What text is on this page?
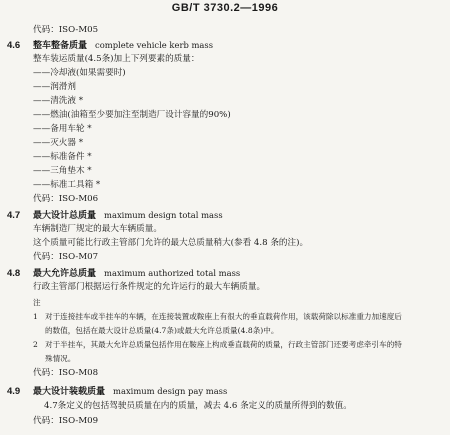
GB/T 3730.2—1996
代码：ISO-M05
4.6 整车整备质量 complete vehicle kerb mass
整车装运质量(4.5条)加上下列要素的质量：
——冷却液(如果需要时)
——润滑剂
——清洗液 *
——燃油(油箱至少要加注至制造厂设计容量的90%)
——备用车轮 *
——灭火器 *
——标准备件 *
——三角垫木 *
——标准工具箱 *
代码：ISO-M06
4.7 最大设计总质量 maximum design total mass
车辆制造厂规定的最大车辆质量。
这个质量可能比行政主管部门允许的最大总质量稍大(参看 4.8 条的注)。
代码：ISO-M07
4.8 最大允许总质量 maximum authorized total mass
行政主管部门根据运行条件规定的允许运行的最大车辆质量。
注
1 对于连接挂车或半挂车的车辆，在连接装置或鞍座上有很大的垂直载荷作用，该载荷除以标准重力加速度后
的数值，包括在最大设计总质量(4.7条)或最大允许总质量(4.8条)中。
2 对于半挂车，其最大允许总质量包括作用在鞍座上构成垂直载荷的质量，行政主管部门还要考虑牵引车的特
殊情况。
代码：ISO-M08
4.9 最大设计装载质量 maximum design pay mass
4.7条定义的包括驾驶员质量在内的质量，减去 4.6 条定义的质量所得到的数值。
代码：ISO-M09
